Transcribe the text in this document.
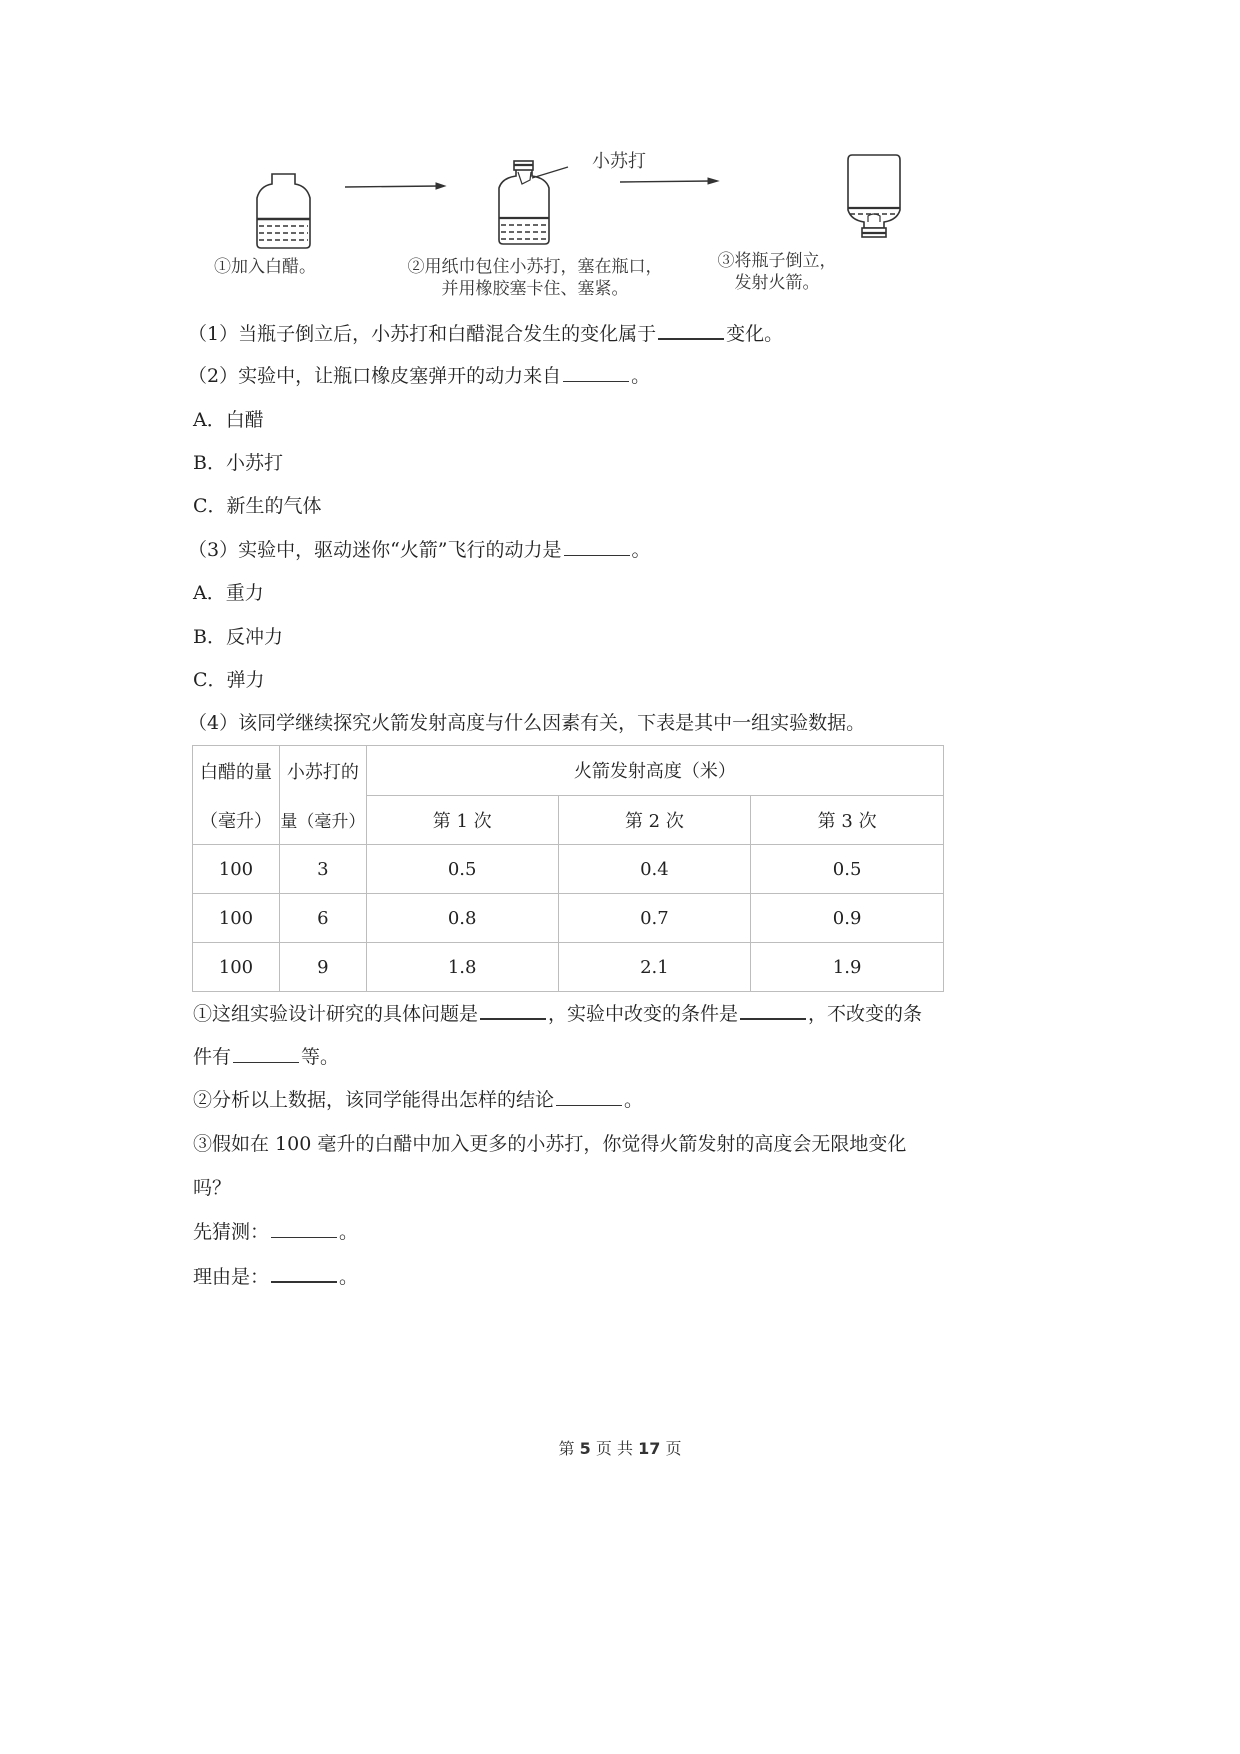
小苏打
①加入白醋。	②用纸巾包住小苏打，塞在瓶口，
并用橡胶塞卡住、塞紧。
③将瓶子倒立，
发射火箭。
（1）当瓶子倒立后，小苏打和白醋混合发生的变化属于	变化。
（2）实验中，让瓶口橡皮塞弹开的动力来自	。
A．白醋
B．小苏打
C．新生的气体
（3）实验中，驱动迷你“火箭”飞行的动力是	。
A．重力
B．反冲力
C．弹力
（4）该同学继续探究火箭发射高度与什么因素有关，下表是其中一组实验数据。
白醋的量	小苏打的	火箭发射高度（米）		
（毫升）	量（毫升）	第 1 次	第 2 次	第 3 次
100	3	0.5	0.4	0.5
100	6	0.8	0.7	0.9
100	9	1.8	2.1	1.9
①这组实验设计研究的具体问题是	，实验中改变的条件是	，不改变的条
件有	等。
②分析以上数据，该同学能得出怎样的结论	。
③假如在 100 毫升的白醋中加入更多的小苏打，你觉得火箭发射的高度会无限地变化
吗？
先猜测：	。
理由是：	。
第 5 页 共 17 页
